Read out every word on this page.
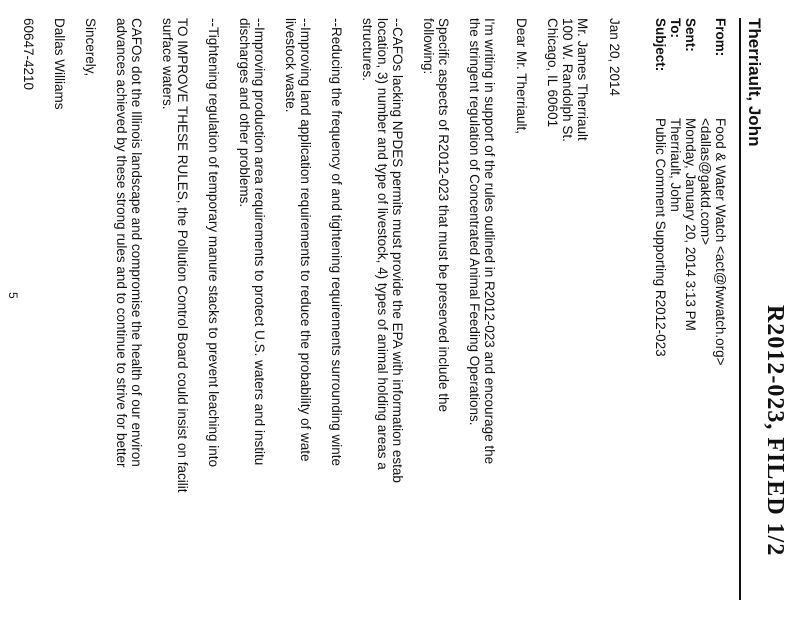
R2012-023, FILED 1/2
Therriault, John
From:
Food & Water Watch <act@fwwatch.org>
<dallas@gaktd.com>
Sent:
Monday, January 20, 2014 3:13 PM
To:
Therriault, John
Subject:
Public Comment Supporting R2012-023
Jan 20, 2014
Mr. James Therriault
100 W. Randolph St.
Chicago, IL 60601
Dear Mr. Therriault,
I'm writing in support of the rules outlined in R2012-023 and encourage the
the stringent regulation of Concentrated Animal Feeding Operations.
Specific aspects of R2012-023 that must be preserved include the
following:
--CAFOs lacking NPDES permits must provide the EPA with information estab
location, 3) number and type of livestock, 4) types of animal holding areas a
structures.
--Reducing the frequency of and tightening requirements surrounding winte
--Improving land application requirements to reduce the probability of wate
livestock waste.
--Improving production area requirements to protect U.S. waters and institu
discharges and other problems.
--Tightening regulation of temporary manure stacks to prevent leaching into
TO IMPROVE THESE RULES, the Pollution Control Board could insist on facilit
surface waters.
CAFOs dot the Illinois landscape and compromise the health of our environ
advances achieved by these strong rules and to continue to strive for better
Sincerely,
Dallas Williams
60647-4210
5
